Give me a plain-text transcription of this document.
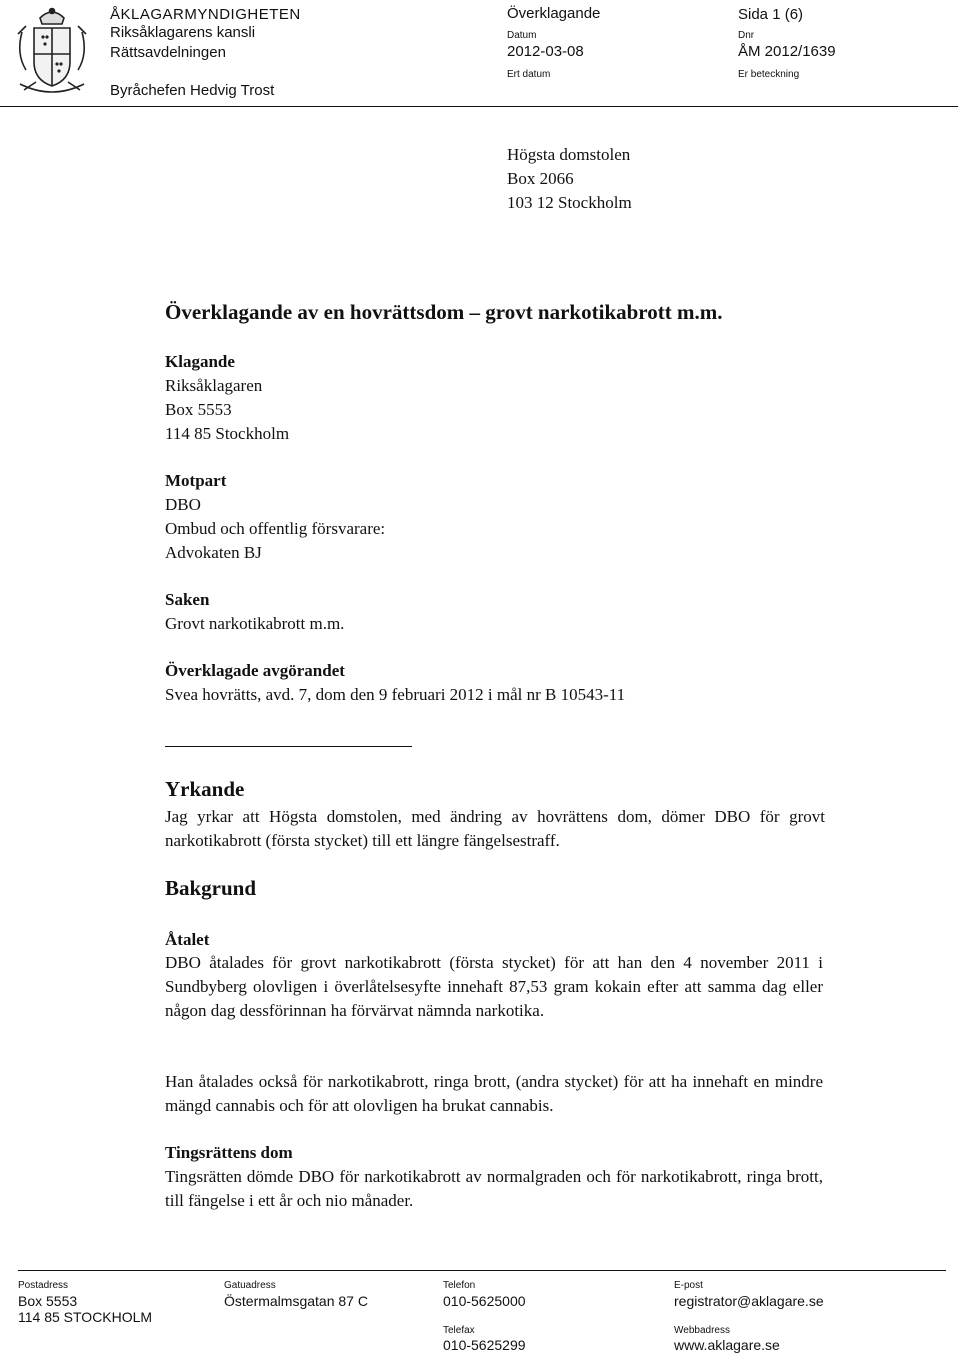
ÅKLAGARMYNDIGHETEN
Riksåklagarens kansli
Rättsavdelningen
Byråchefen Hedvig Trost
Överklagande	Sida 1 (6)
Datum
2012-03-08
Dnr
ÅM 2012/1639
Ert datum	Er beteckning
Högsta domstolen
Box 2066
103 12 Stockholm
Överklagande av en hovrättsdom – grovt narkotikabrott m.m.
Klagande
Riksåklagaren
Box 5553
114 85 Stockholm
Motpart
DBO
Ombud och offentlig försvarare:
Advokaten BJ
Saken
Grovt narkotikabrott m.m.
Överklagade avgörandet
Svea hovrätts, avd. 7, dom den 9 februari 2012 i mål nr B 10543-11
Yrkande
Jag yrkar att Högsta domstolen, med ändring av hovrättens dom, dömer DBO för grovt narkotikabrott (första stycket) till ett längre fängelsestraff.
Bakgrund
Åtalet
DBO åtalades för grovt narkotikabrott (första stycket) för att han den 4 november 2011 i Sundbyberg olovligen i överlåtelsesyfte innehaft 87,53 gram kokain efter att samma dag eller någon dag dessförinnan ha förvärvat nämnda narkotika.
Han åtalades också för narkotikabrott, ringa brott, (andra stycket) för att ha innehaft en mindre mängd cannabis och för att olovligen ha brukat cannabis.
Tingsrättens dom
Tingsrätten dömde DBO för narkotikabrott av normalgraden och för narkotikabrott, ringa brott, till fängelse i ett år och nio månader.
Postadress
Box 5553
114 85 STOCKHOLM
Gatuadress
Östermalmsgatan 87 C
Telefon
010-5625000
Telefax
010-5625299
E-post
registrator@aklagare.se
Webbadress
www.aklagare.se
